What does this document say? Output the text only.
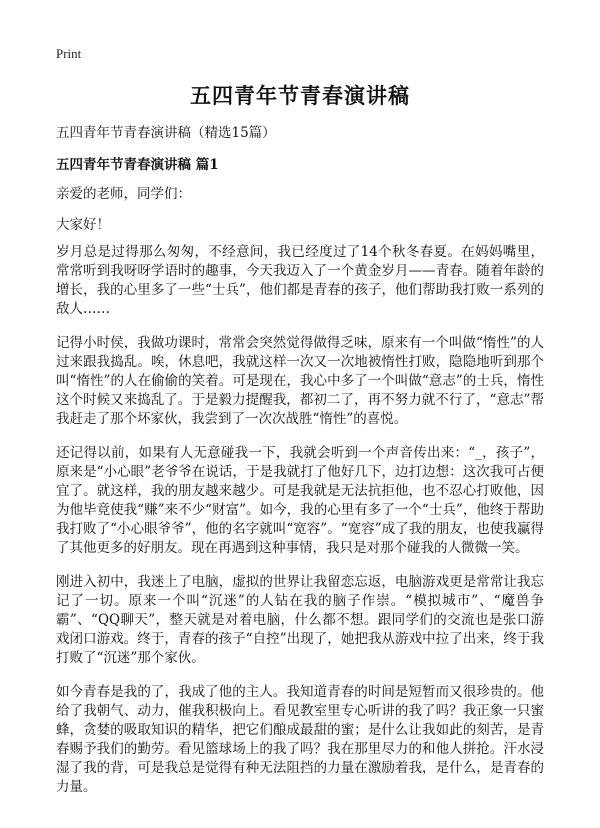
Print
五四青年节青春演讲稿
五四青年节青春演讲稿（精选15篇）
五四青年节青春演讲稿 篇1
亲爱的老师，同学们：
大家好！

岁月总是过得那么匆匆，不经意间，我已经度过了14个秋冬春夏。在妈妈嘴里，常常听到我呀呀学语时的趣事，今天我迈入了一个黄金岁月——青春。随着年龄的增长，我的心里多了一些“士兵”，他们都是青春的孩子，他们帮助我打败一系列的敌人……

记得小时侯，我做功课时，常常会突然觉得做得乏味，原来有一个叫做“惰性”的人过来跟我捣乱。唉，休息吧，我就这样一次又一次地被惰性打败，隐隐地听到那个叫“惰性”的人在偷偷的笑着。可是现在，我心中多了一个叫做“意志”的士兵，惰性这个时候又来捣乱了。于是毅力提醒我，都初二了，再不努力就不行了，“意志”帮我赶走了那个坏家伙，我尝到了一次次战胜“惰性”的喜悦。

还记得以前，如果有人无意碰我一下，我就会听到一个声音传出来：“_，孩子”，原来是“小心眼”老爷爷在说话，于是我就打了他好几下，边打边想：这次我可占便宜了。就这样，我的朋友越来越少。可是我就是无法抗拒他，也不忍心打败他，因为他毕竟使我“赚”来不少“财富”。如今，我的心里有多了一个“士兵”，他终于帮助我打败了“小心眼爷爷”，他的名字就叫“宽容”。“宽容”成了我的朋友，也使我赢得了其他更多的好朋友。现在再遇到这种事情，我只是对那个碰我的人微微一笑。

刚进入初中，我迷上了电脑，虚拟的世界让我留恋忘返，电脑游戏更是常常让我忘记了一切。原来一个叫“沉迷”的人钻在我的脑子作崇。“模拟城市”、“魔兽争霸”、“QQ聊天”，整天就是对着电脑，什么都不想。跟同学们的交流也是张口游戏闭口游戏。终于，青春的孩子“自控”出现了，她把我从游戏中拉了出来，终于我打败了“沉迷”那个家伙。

如今青春是我的了，我成了他的主人。我知道青春的时间是短暂而又很珍贵的。他给了我朝气、动力，催我积极向上。看见教室里专心听讲的我了吗？我正象一只蜜蜂，贪婪的吸取知识的精华，把它们酿成最甜的蜜；是什么让我如此的刻苦，是青春赐予我们的勤劳。看见篮球场上的我了吗？我在那里尽力的和他人拼抢。汗水浸湿了我的背，可是我总是觉得有种无法阻挡的力量在激励着我，是什么，是青春的力量。
